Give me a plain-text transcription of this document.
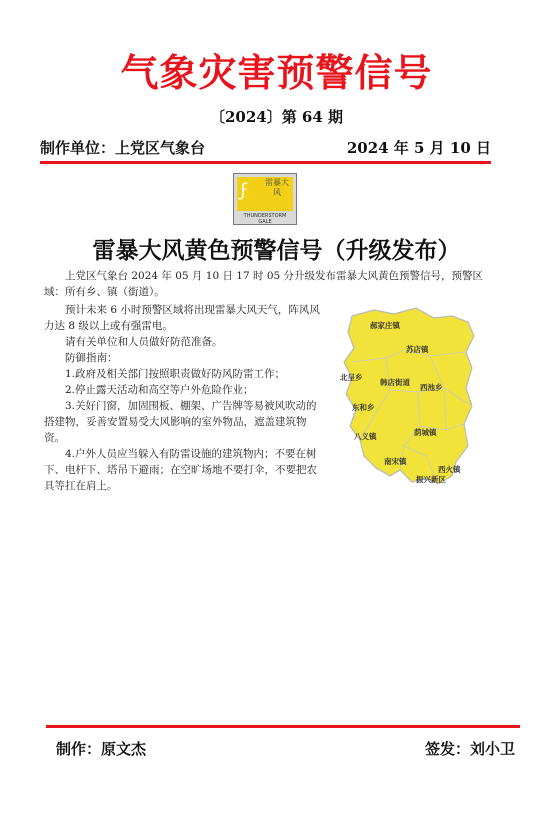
气象灾害预警信号
〔2024〕第 64 期
制作单位：上党区气象台	2024 年 5 月 10 日
ϝ 雷暴大风
THUNDERSTORM GALE
雷暴大风黄色预警信号（升级发布）
上党区气象台 2024 年 05 月 10 日 17 时 05 分升级发布雷暴大风黄色预警信号，预警区域：所有乡、镇（街道）。

预计未来 6 小时预警区域将出现雷暴大风天气，阵风风力达 8 级以上或有强雷电。

请有关单位和人员做好防范准备。

防御指南：

1.政府及相关部门按照职责做好防风防雷工作；

2.停止露天活动和高空等户外危险作业；

3.关好门窗，加固围板、棚架、广告牌等易被风吹动的搭建物，妥善安置易受大风影响的室外物品，遮盖建筑物资。

4.户外人员应当躲入有防雷设施的建筑物内；不要在树下、电杆下、塔吊下避雨；在空旷场地不要打伞，不要把农具等扛在肩上。

郝家庄镇
苏店镇
北呈乡
韩店街道
西池乡
东和乡
八义镇	荫城镇
南宋镇
西火镇
振兴新区
制作：原文杰	签发：刘小卫
